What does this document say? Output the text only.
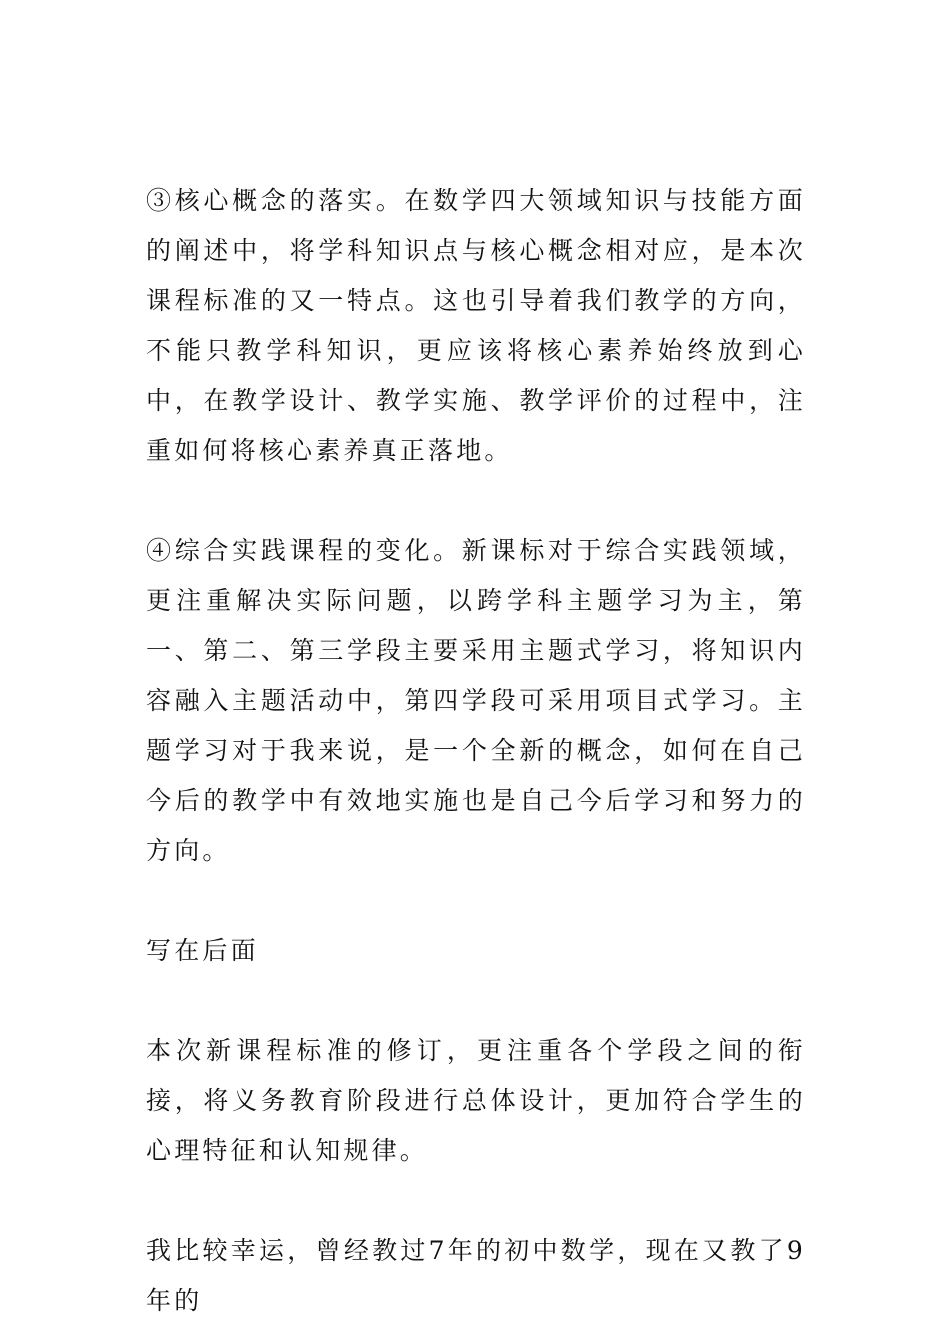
③核心概念的落实。在数学四大领域知识与技能方面的阐述中，将学科知识点与核心概念相对应，是本次课程标准的又一特点。这也引导着我们教学的方向，不能只教学科知识，更应该将核心素养始终放到心中，在教学设计、教学实施、教学评价的过程中，注重如何将核心素养真正落地。

④综合实践课程的变化。新课标对于综合实践领域，更注重解决实际问题，以跨学科主题学习为主，第一、第二、第三学段主要采用主题式学习，将知识内容融入主题活动中，第四学段可采用项目式学习。主题学习对于我来说，是一个全新的概念，如何在自己今后的教学中有效地实施也是自己今后学习和努力的方向。

写在后面

本次新课程标准的修订，更注重各个学段之间的衔接，将义务教育阶段进行总体设计，更加符合学生的心理特征和认知规律。

我比较幸运，曾经教过7年的初中数学，现在又教了9年的
